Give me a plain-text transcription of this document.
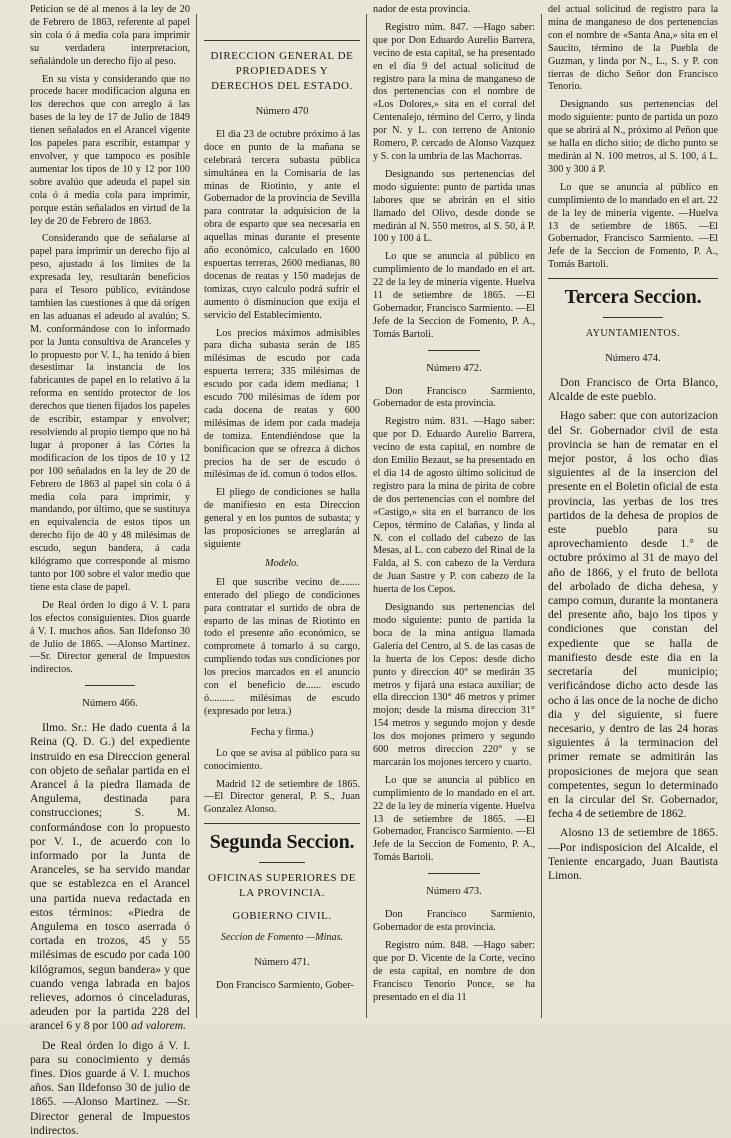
Peticion se dé al menos á la ley de 20 de Febrero de 1863, referente al papel sin cola ó á media cola para imprimir su verdadera interpretacion, señalándole un derecho fijo al peso.

En su vista y considerando que no procede hacer modificacion alguna en los derechos que con arreglo á las bases de la ley de 17 de Julio de 1849 tienen señalados en el Arancel vigente los papeles para escribir, estampar y envolver, y que tampoco es posible aumentar los tipos de 10 y 12 por 100 sobre avalúo que adeuda el papel sin cola ó á media cola para imprimir, porque están señalados en virtud de la ley de 20 de Febrero de 1863.

Considerando que de señalarse al papel para imprimir un derecho fijo al peso, ajustado á los límites de la expresada ley, resultarán beneficios para el Tesoro público, evitándose tambien las cuestiones á que dá orígen en las aduanas el adeudo al avalúo; S. M. conformándose con lo informado por la Junta consultiva de Aranceles y lo propuesto por V. I., ha tenido á bien desestimar la instancia de los fabricantes de papel en lo relativo á la reforma en sentido protector de los derechos que tienen fijados los papeles de escribir, estampar y envolver; resolviendo al propio tiempo que no há lugar á proponer á las Córtes la modificacion de los tipos de 10 y 12 por 100 señalados en la ley de 20 de Febrero de 1863 al papel sin cola ó á media cola para imprimir, y mandando, por último, que se sustituya en equivalencia de estos tipos un derecho fijo de 40 y 48 milésimas de escudo, segun bandera, á cada kilógramo que corresponde al mismo tanto por 100 sobre el valor medio que tiene esta clase de papel.

De Real órden lo digo á V. I. para los efectos consiguientes. Dios guarde á V. I. muchos años. San Ildefonso 30 de Julio de 1865. —Alonso Martinez. —Sr. Director general de Impuestos indirectos.

Número 466.

Ilmo. Sr.: He dado cuenta á la Reina (Q. D. G.) del expediente instruido en esa Direccion general con objeto de señalar partida en el Arancel á la piedra llamada de Angulema, destinada para construcciones; S. M. conformándose con lo propuesto por V. I., de acuerdo con lo informado por la Junta de Aranceles, se ha servido mandar que se establezca en el Arancel una partida nueva redactada en estos términos: «Piedra de Angulema en tosco aserrada ó cortada en trozos, 45 y 55 milésimas de escudo por cada 100 kilógramos, segun bandera» y que cuando venga labrada en bajos relieves, adornos ó cinceladuras, adeuden por la partida 228 del arancel 6 y 8 por 100 ad valorem.

De Real órden lo digo á V. I. para su conocimiento y demás fines. Dios guarde á V. I. muchos años. San Ildefonso 30 de julio de 1865. —Alonso Martinez. —Sr. Director general de Impuestos indirectos.

DIRECCION GENERAL DE PROPIEDADES Y DERECHOS DEL ESTADO.
Número 470

El dia 23 de octubre próximo á las doce en punto de la mañana se celebrará tercera subasta pública simultánea en la Comisaría de las minas de Riotinto, y ante el Gobernador de la provincia de Sevilla para contratar la adquisicion de la obra de esparto que sea necesaria en aquellas minas durante el presente año económico, calculado en 1600 espuertas terreras, 2600 medianas, 80 docenas de reatas y 150 madejas de tomizas, cuyo calculo podrá sufrir el aumento ó disminucion que exija el servicio del Establecimiento.

Los precios máximos admisibles para dicha subasta serán de 185 milésimas de escudo por cada espuerta terrera; 335 milésimas de escudo por cada idem mediana; 1 escudo 700 milésimas de idem por cada docena de reatas y 600 milésimas de idem por cada madeja de tomiza. Entendiéndose que la bonificacion que se ofrezca á dichos precios ha de ser de escudo ó milésimas de id. comun ó todos ellos.

El pliego de condiciones se halla de manifiesto en esta Direccion general y en los puntos de subasta; y las proposiciones se arreglarán al siguiente

Modelo.

El que suscribe vecino de........ enterado del pliego de condiciones para contratar el surtido de obra de esparto de las minas de Riotinto en todo el presente año económico, se compromete á tomarlo á su cargo, cumpliendo todas sus condiciones por los precios marcados en el anuncio con el beneficio de...... escudo ó.......... milésimas de escudo (expresado por letra.)

Fecha y firma.)

Lo que se avisa al público para su conocimiento.

Madrid 12 de setiembre de 1865. —El Director general, P. S., Juan Gonzalez Alonso.

Segunda Seccion.
OFICINAS SUPERIORES DE LA PROVINCIA.
GOBIERNO CIVIL.
Seccion de Fomento —Minas.
Número 471.

Don Francisco Sarmiento, Gober-

nador de esta provincia.

Registro núm. 847. —Hago saber: que por Don Eduardo Aurelio Barrera, vecino de esta capital, se ha presentado en el dia 9 del actual solicitud de registro para la mina de manganeso de dos pertenencias con el nombre de «Los Dolores,» sita en el corral del Centenalejo, término del Cerro, y linda por N. y L. con terreno de Antonio Romero, P. cercado de Alonso Vazquez y S. con la umbría de las Machorras.

Designando sus pertenencias del modo siguiente: punto de partida unas labores que se abrirán en el sitio llamado del Olivo, desde donde se medirán al N. 550 metros, al S. 50, á P. 100 y 100 á L.

Lo que se anuncia al público en cumplimiento de lo mandado en el art. 22 de la ley de minería vigente. Huelva 11 de setiembre de 1865. —El Gobernador, Francisco Sarmiento. —El Jefe de la Seccion de Fomento, P. A., Tomás Bartoli.

Número 472.

Don Francisco Sarmiento, Gobernador de esta provincia.

Registro núm. 831. —Hago saber: que por D. Eduardo Aurelio Barrera, vecino de esta capital, en nombre de don Emilio Bezaut, se ha presentado en el dia 14 de agosto último solicitud de registro para la mina de pirita de cobre de dos pertenencias con el nombre del «Castigo,» sita en el barranco de los Cepos, término de Calañas, y linda al N. con el collado del cabezo de las Mesas, al L. con cabezo del Rinal de la Falda, al S. con cabezo de la Verdura de Juan Sastre y P. con cabezo de la huerta de los Cepos.

Designando sus pertenencias del modo siguiente: punto de partida la boca de la mina antigua llamada Galería del Centro, al S. de las casas de la huerta de los Cepos: desde dicho punto y direccion 40° se medirán 35 metros y fijará una estaca auxiliar; de ella direccion 130° 46 metros y primer mojon; desde la misma direccion 31° 154 metros y segundo mojon y desde los dos mojones primero y segundo 600 metros direccion 220° y se marcarán los mojones tercero y cuarto.

Lo que se anuncia al público en cumplimiento de lo mandado en el art. 22 de la ley de minería vigente. Huelva 13 de setiembre de 1865. —El Gobernador, Francisco Sarmiento. —El Jefe de la Seccion de Fomento, P. A., Tomás Bartoli.

Número 473.

Don Francisco Sarmiento, Gobernador de esta provincia.

Registro núm. 848. —Hago saber: que por D. Vicente de la Corte, vecino de esta capital, en nombre de don Francisco Tenorio Ponce, se ha presentado en el dia 11

del actual solicitud de registro para la mina de manganeso de dos pertenencias con el nombre de «Santa Ana,» sita en el Saucito, término de la Puebla de Guzman, y linda por N., L., S. y P. con tierras de dicho Señor don Francisco Tenorio.

Designando sus pertenencias del modo siguiente: punto de partida un pozo que se abrirá al N., próximo al Peñon que se halla en dicho sitio; de dicho punto se medirán al N. 100 metros, al S. 100, á L. 300 y 300 á P.

Lo que se anuncia al público en cumplimiento de lo mandado en el art. 22 de la ley de minería vigente. —Huelva 13 de setiembre de 1865. —El Gobernador, Francisco Sarmiento. —El Jefe de la Seccion de Fomento, P. A., Tomás Bartoli.

Tercera Seccion.
AYUNTAMIENTOS.
Número 474.

Don Francisco de Orta Blanco, Alcalde de este pueblo.

Hago saber: que con autorizacion del Sr. Gobernador civil de esta provincia se han de rematar en el mejor postor, á los ocho dias siguientes al de la insercion del presente en el Boletin oficial de esta provincia, las yerbas de los tres partidos de la dehesa de propios de este pueblo para su aprovechamiento desde 1.° de octubre próximo al 31 de mayo del año de 1866, y el fruto de bellota del arbolado de dicha dehesa, y campo comun, durante la montanera del presente año, bajo los tipos y condiciones que constan del expediente que se halla de manifiesto desde este dia en la secretaría del municipio; verificándose dicho acto desde las ocho á las once de la noche de dicho dia y del siguiente, si fuere necesario, y dentro de las 24 horas siguientes á la terminacion del primer remate se admitirán las proposiciones de mejora que sean competentes, segun lo determinado en la circular del Sr. Gobernador, fecha 4 de setiembre de 1862.

Alosno 13 de setiembre de 1865. —Por indisposicion del Alcalde, el Teniente encargado, Juan Bautista Limon.
